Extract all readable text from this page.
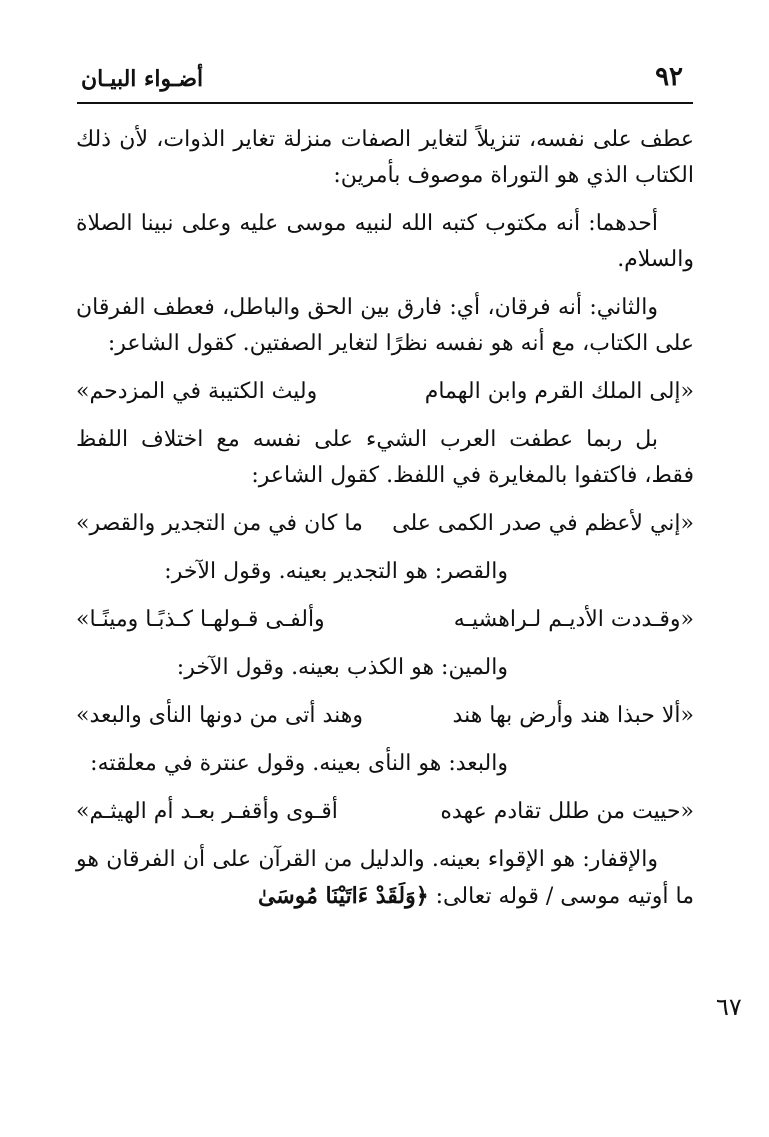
٩٢
أضـواء البيـان

عطف على نفسه، تنزيلاً لتغاير الصفات منزلة تغاير الذوات، لأن ذلك الكتاب الذي هو التوراة موصوف بأمرين:

أحدهما: أنه مكتوب كتبه الله لنبيه موسى عليه وعلى نبينا الصلاة والسلام.

والثاني: أنه فرقان، أي: فارق بين الحق والباطل، فعطف الفرقان على الكتاب، مع أنه هو نفسه نظرًا لتغاير الصفتين. كقول الشاعر:

«إلى الملك القرم وابن الهمام
وليث الكتيبة في المزدحم»

بل ربما عطفت العرب الشيء على نفسه مع اختلاف اللفظ فقط، فاكتفوا بالمغايرة في اللفظ. كقول الشاعر:

«إني لأعظم في صدر الكمى على
ما كان في من التجدير والقصر»

والقصر: هو التجدير بعينه. وقول الآخر:

«وقـددت الأديـم لـراهشيـه
وألفـى قـولهـا كـذبًـا ومينًـا»

والمين: هو الكذب بعينه. وقول الآخر:

«ألا حبذا هند وأرض بها هند
وهند أتى من دونها النأى والبعد»

والبعد: هو النأى بعينه. وقول عنترة في معلقته:

«حييت من طلل تقادم عهده
أقـوى وأقفـر بعـد أم الهيثـم»

والإقفار: هو الإقواء بعينه. والدليل من القرآن على أن الفرقان هو ما أوتيه موسى / قوله تعالى: ﴿وَلَقَدْ ءَاتَيْنَا مُوسَىٰ

٦٧
